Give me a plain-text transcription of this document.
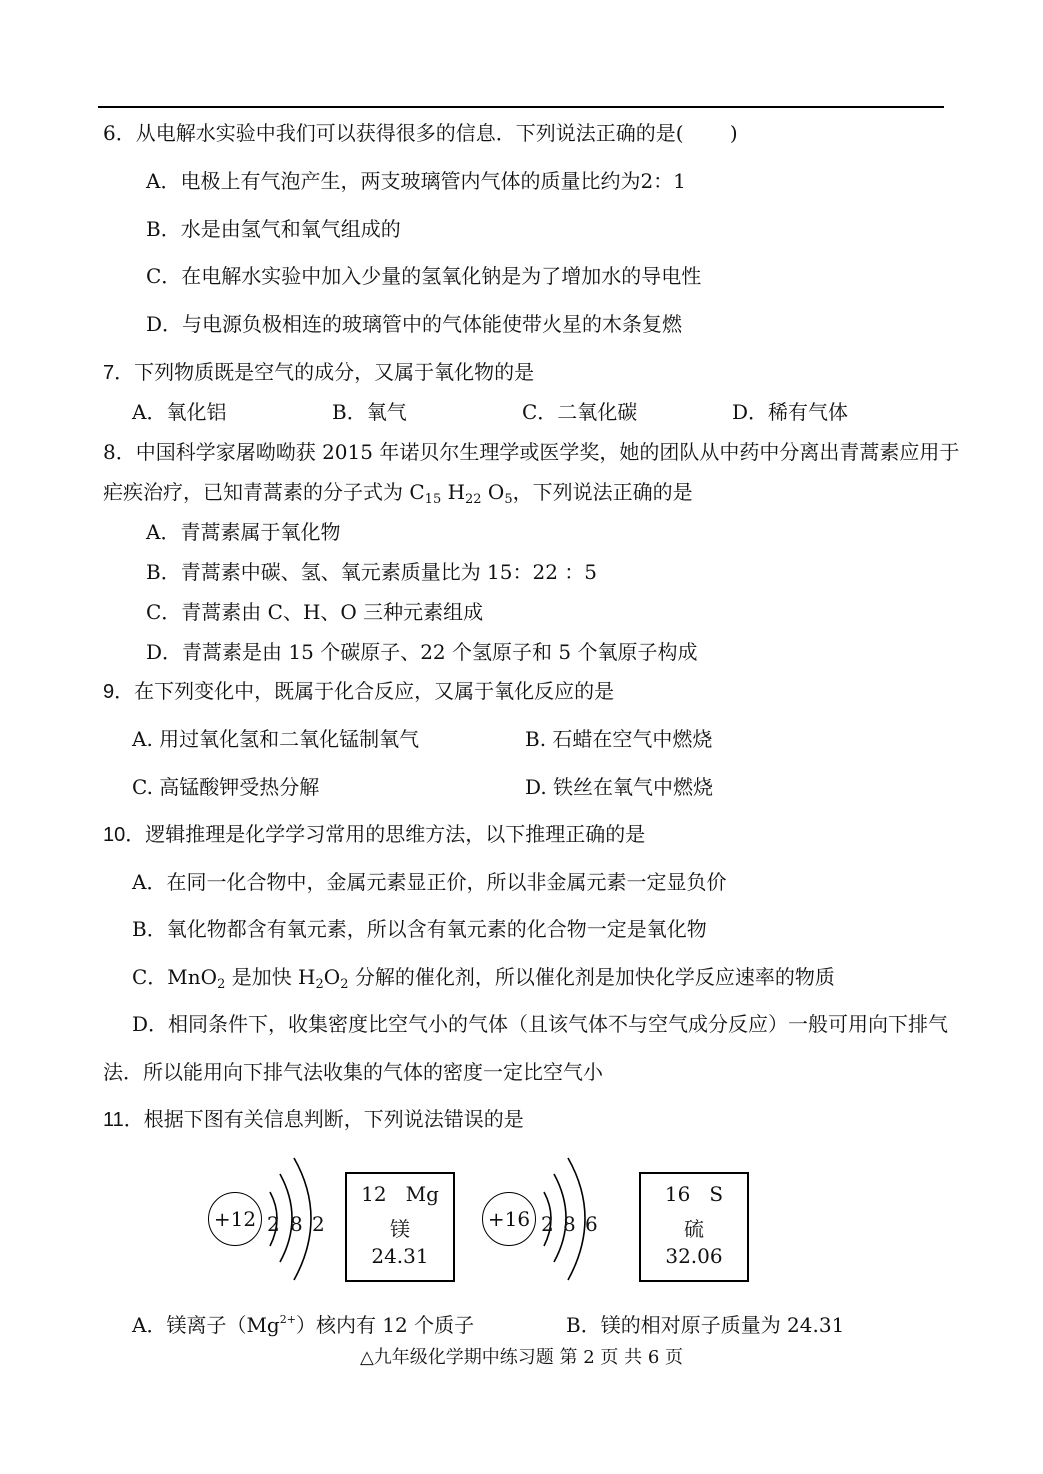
6．从电解水实验中我们可以获得很多的信息．下列说法正确的是(　　 )
A．电极上有气泡产生，两支玻璃管内气体的质量比约为2：1
B．水是由氢气和氧气组成的
C．在电解水实验中加入少量的氢氧化钠是为了增加水的导电性
D．与电源负极相连的玻璃管中的气体能使带火星的木条复燃
7．下列物质既是空气的成分，又属于氧化物的是
A．氧化铝	B．氧气	C．二氧化碳	D．稀有气体
8．中国科学家屠呦呦获 2015 年诺贝尔生理学或医学奖，她的团队从中药中分离出青蒿素应用于
疟疾治疗，已知青蒿素的分子式为 $C_{15}$ $H_{22}$ $O_5$，下列说法正确的是
A．青蒿素属于氧化物
B．青蒿素中碳、氢、氧元素质量比为 15：22 ：5
C．青蒿素由 C、H、O 三种元素组成
D．青蒿素是由 15 个碳原子、22 个氢原子和 5 个氧原子构成
9．在下列变化中，既属于化合反应，又属于氧化反应的是
A. 用过氧化氢和二氧化锰制氧气	B. 石蜡在空气中燃烧
C. 高锰酸钾受热分解	D. 铁丝在氧气中燃烧
10．逻辑推理是化学学习常用的思维方法，以下推理正确的是
A．在同一化合物中，金属元素显正价，所以非金属元素一定显负价
B．氧化物都含有氧元素，所以含有氧元素的化合物一定是氧化物
C．MnO$_2$ 是加快 $H_2O_2$ 分解的催化剂，所以催化剂是加快化学反应速率的物质
D．相同条件下，收集密度比空气小的气体（且该气体不与空气成分反应）一般可用向下排气
法．所以能用向下排气法收集的气体的密度一定比空气小
11．根据下图有关信息判断，下列说法错误的是
+12 2 8 2
12 Mg
镁
24.31
+16 2 8 6
16 S
硫
32.06
A．镁离子$(Mg^{2+})$核内有 12 个质子	B．镁的相对原子质量为 24.31
△九年级化学期中练习题 第 2 页 共 6 页
